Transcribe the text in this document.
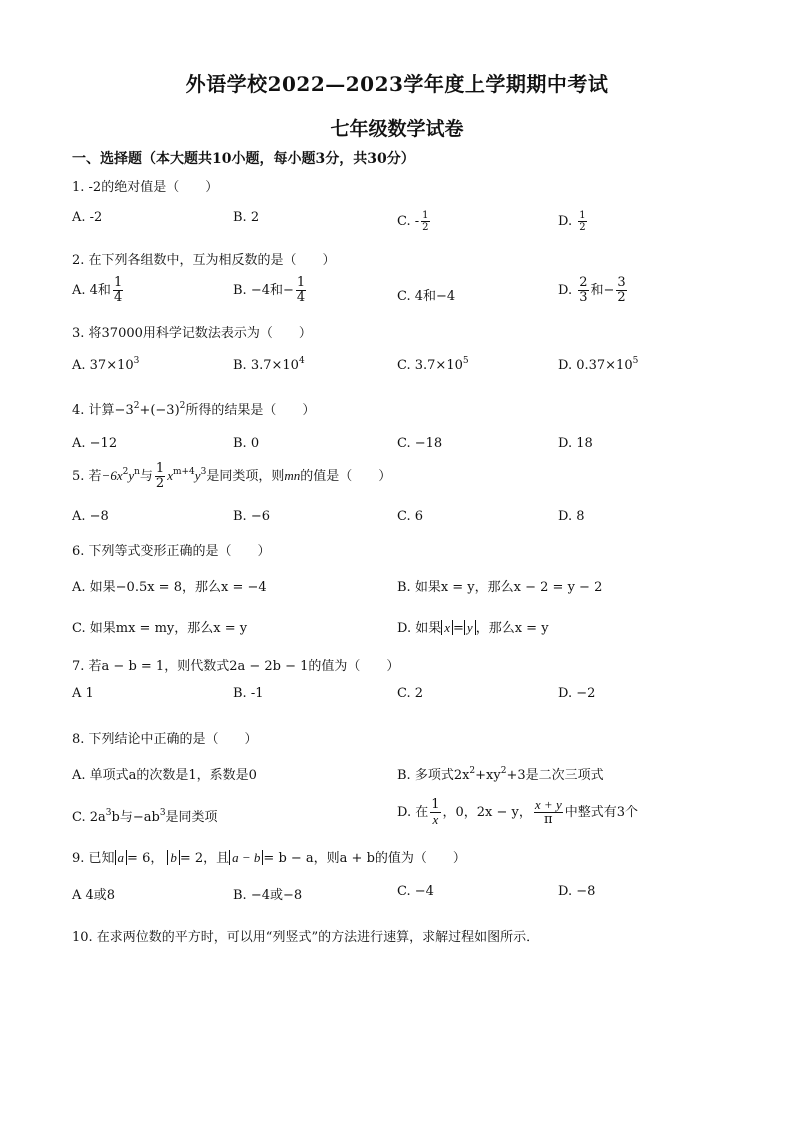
外语学校2022—2023学年度上学期期中考试
七年级数学试卷
一、选择题（本大题共10小题，每小题3分，共30分）
1. -2的绝对值是（　　）
A. -2	B. 2	C. - $\frac{1}{2}$	D. $\frac{1}{2}$
2. 在下列各组数中，互为相反数的是（　　）
A. 4和 $\frac{1}{4}$	B. −4和− $\frac{1}{4}$	C. 4和−4	D. $\frac{2}{3}$ 和− $\frac{3}{2}$
3. 将37000用科学记数法表示为（　　）
A. $37\times 10^3$	B. $3.7\times 10^4$	C. $3.7\times 10^5$	D. $0.37\times 10^5$
4. 计算$-3^2+(-3)^2$所得的结果是（　　）
A. −12	B. 0	C. −18	D. 18
5. 若$-6x^2y^n$与 $\frac{1}{2} x^{m+4}y^3$是同类项，则mn的值是（　　）
A. −8	B. −6	C. 6	D. 8
6. 下列等式变形正确的是（　　）
A. 如果−0.5x = 8，那么x = −4	B. 如果x = y，那么x − 2 = y − 2
C. 如果mx = my，那么x = y	D. 如果 x = y ，那么x = y
7. 若a − b = 1，则代数式2a − 2b − 1的值为（　　）
A 1	B. -1	C. 2	D. −2
8. 下列结论中正确的是（　　）
A. 单项式a的次数是1，系数是0	B. 多项式$2x^2+xy^2+3$是二次三项式
C. $2a^3b$与$-ab^3$是同类项	D. 在 $\frac{1}{x}$ ，0，2x − y， $\frac{x + y}{\pi}$ 中整式有3个
9. 已知 a = 6， b = 2，且 a − b = b − a，则a + b的值为（　　）
A 4或8	B. −4或−8	C. −4	D. −8
10. 在求两位数的平方时，可以用“列竖式”的方法进行速算，求解过程如图所示．
